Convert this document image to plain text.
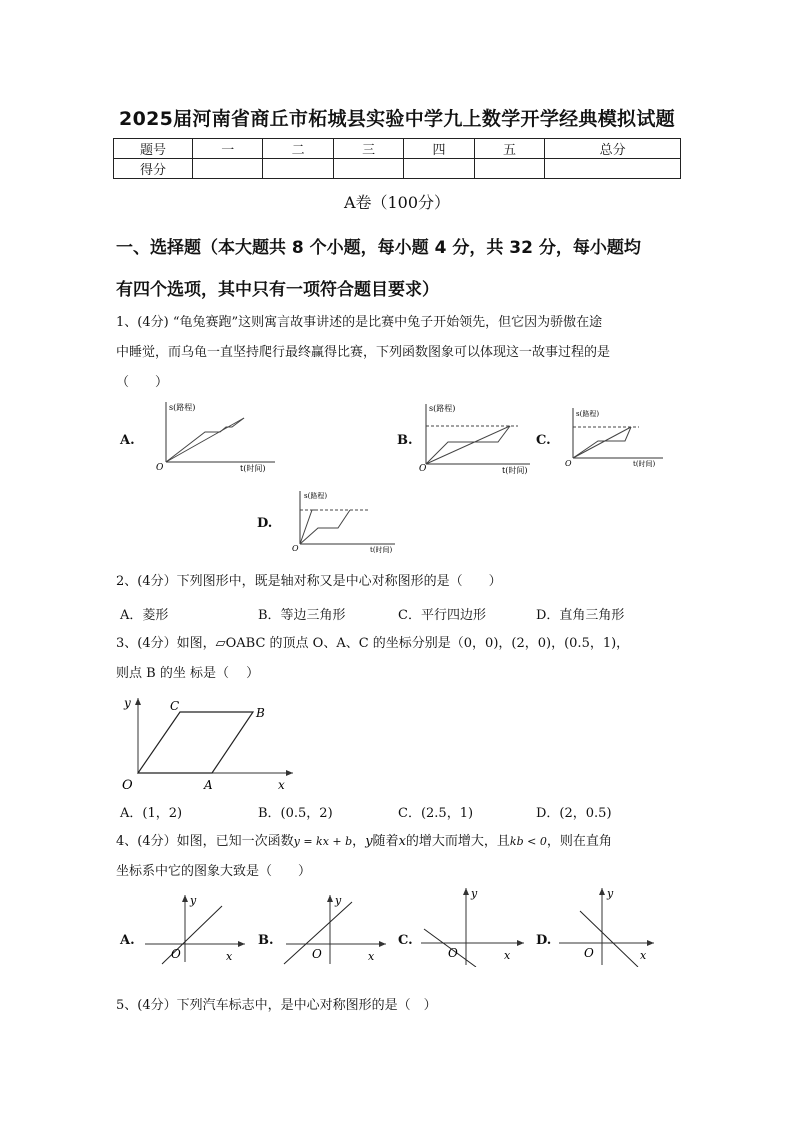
2025届河南省商丘市柘城县实验中学九上数学开学经典模拟试题
题号	一	二	三	四	五	总分
得分						
A卷（100分）
一、选择题（本大题共 8 个小题，每小题 4 分，共 32 分，每小题均
有四个选项，其中只有一项符合题目要求）
1、(4分) “龟兔赛跑”这则寓言故事讲述的是比赛中兔子开始领先，但它因为骄傲在途
中睡觉，而乌龟一直坚持爬行最终赢得比赛，下列函数图象可以体现这一故事过程的是
（　　）
A.
s(路程)
t(时间)
O
B.
s(路程)
t(时间)
O
C.
s(路程)
t(时间)
O
D.
s(路程)
t(时间)
O
2、(4分）下列图形中，既是轴对称又是中心对称图形的是（　　）
A．菱形	B．等边三角形	C．平行四边形	D．直角三角形
3、(4分）如图，▱OABC 的顶点 O、A、C 的坐标分别是（0，0)，(2，0)，(0.5，1)，
则点 B 的坐 标是（　 ）
y
x
O	A
B
C
A．(1，2)	B．(0.5，2)	C．(2.5，1)	D．(2，0.5)
4、(4分）如图，已知一次函数y = kx + b，y随着x的增大而增大，且kb < 0，则在直角
坐标系中它的图象大致是（　　）
A.
y
x
O
B.
y
x
O
C.
y
x
O
D.
y
x
O
5、(4分）下列汽车标志中，是中心对称图形的是（　）
